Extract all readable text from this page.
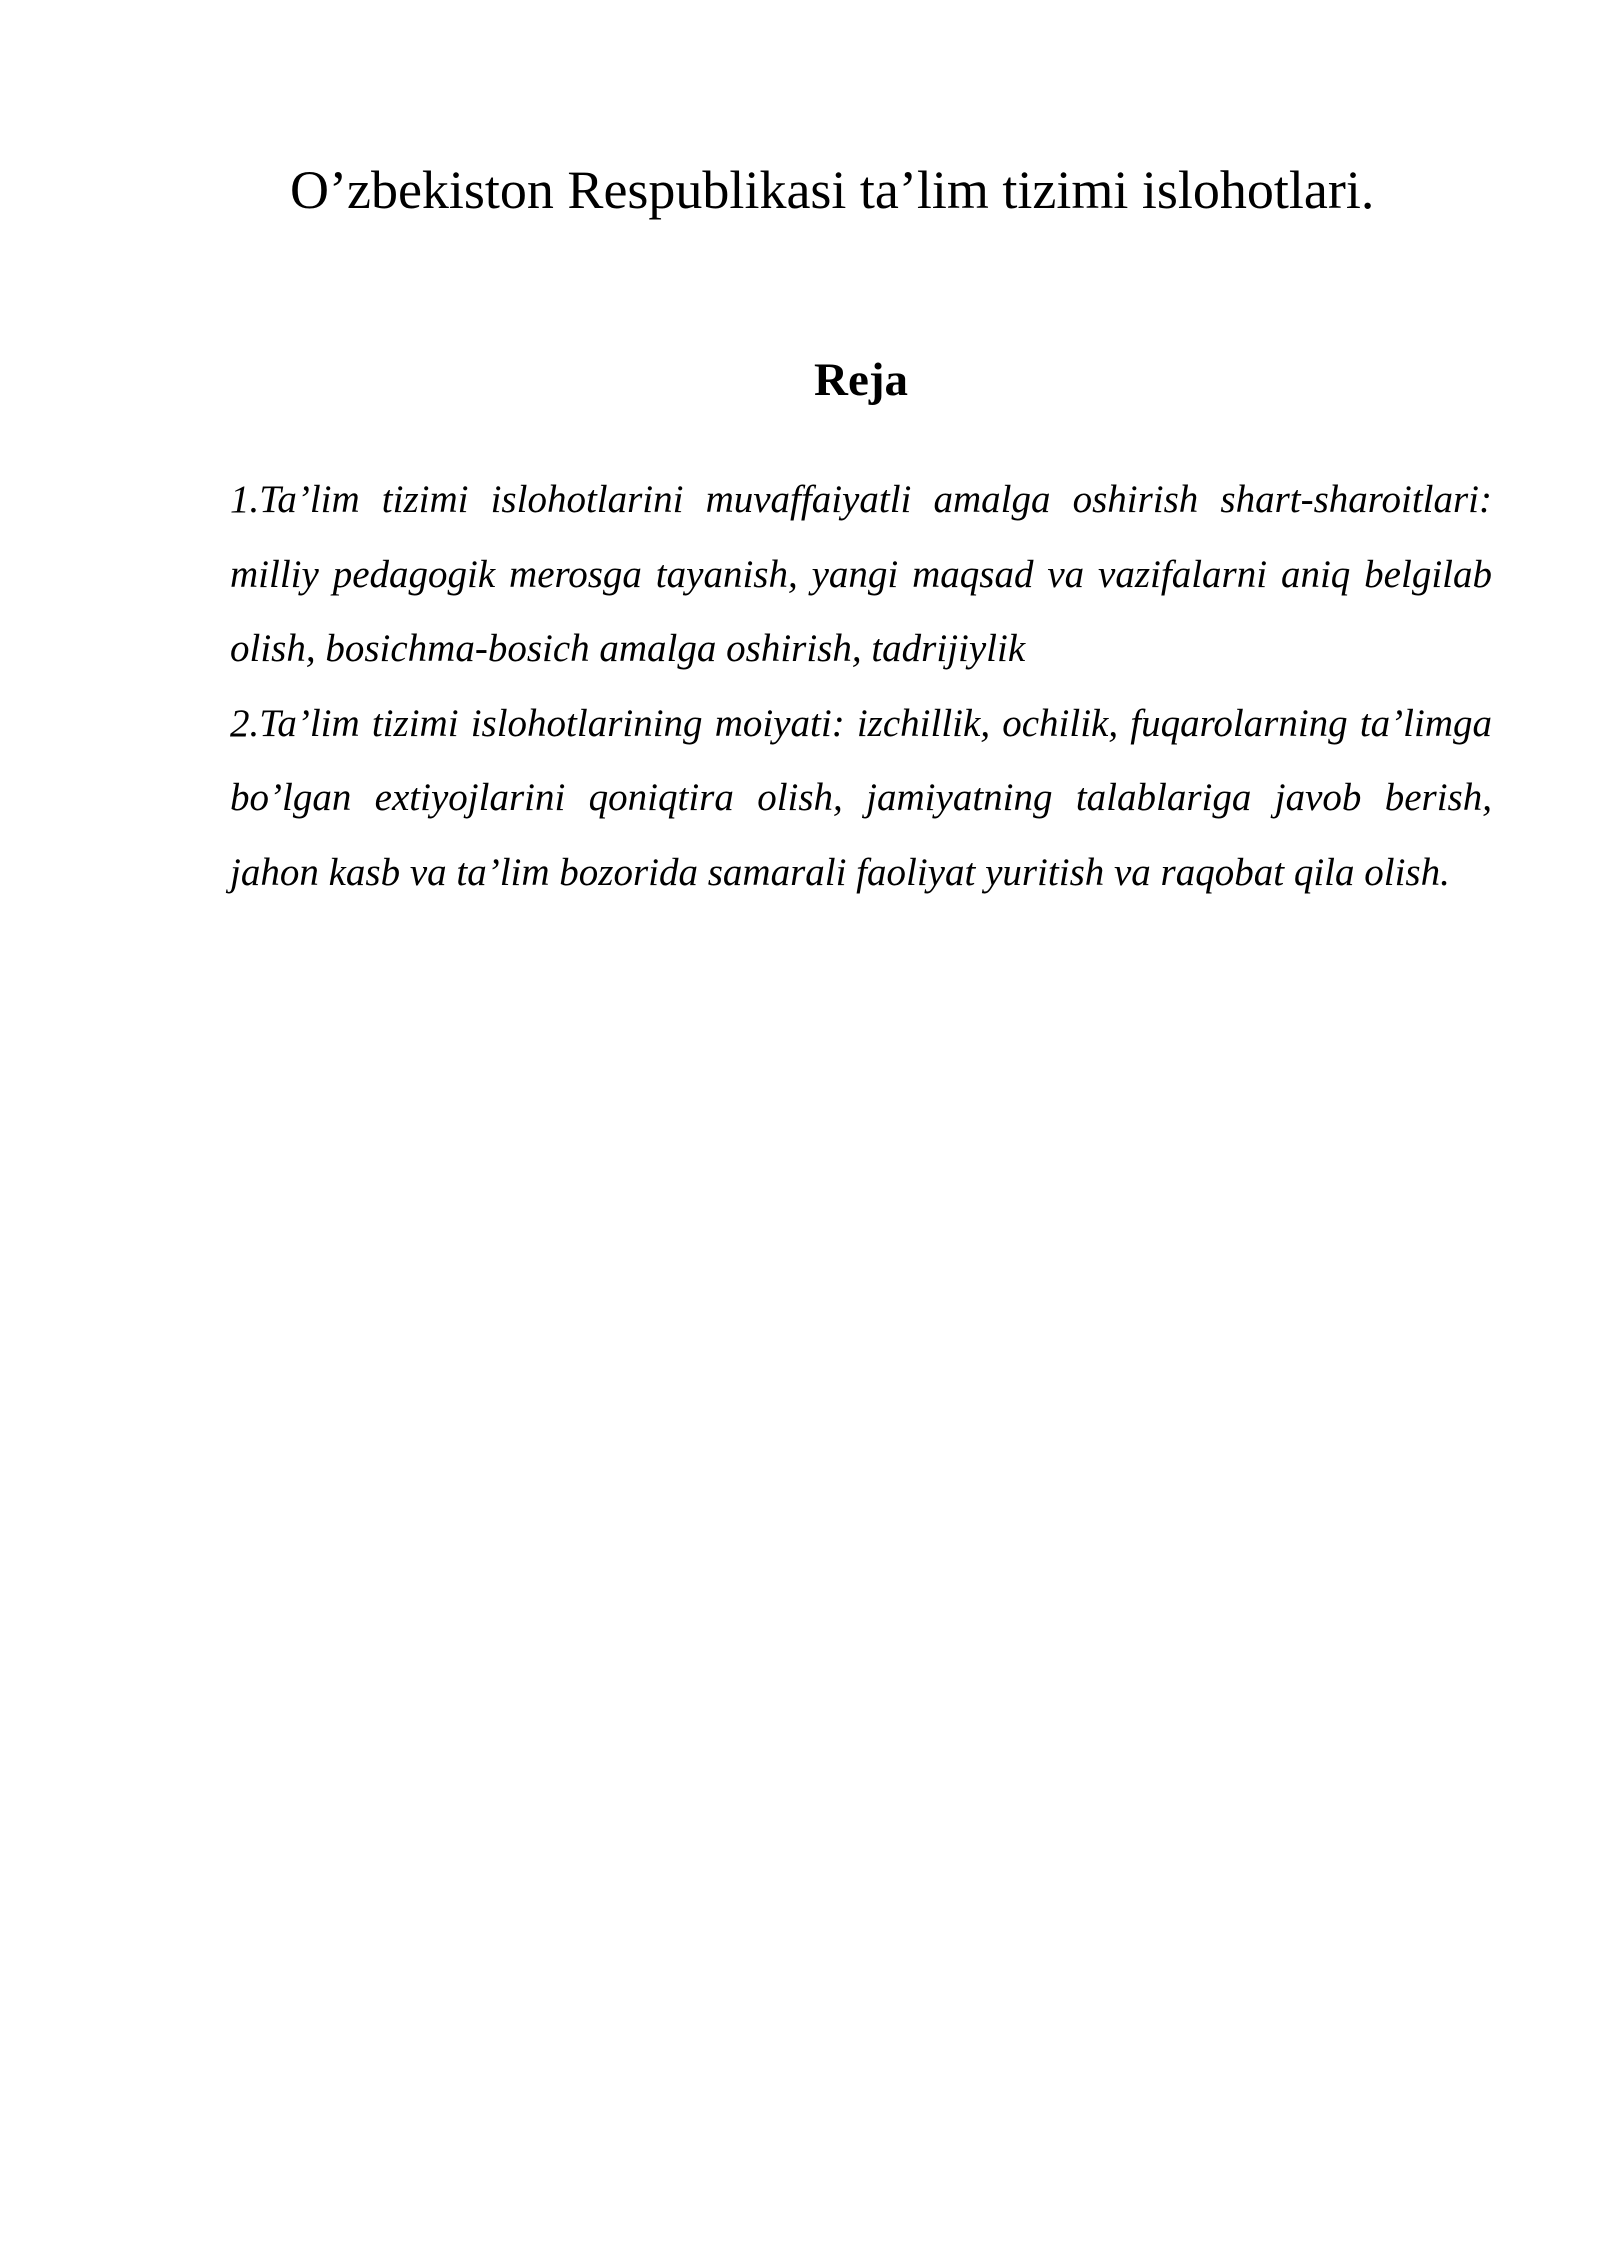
O’zbekiston Respublikasi ta’lim tizimi islohotlari.
Reja
1.Ta’lim tizimi islohotlarini muvaffaiyatli amalga oshirish shart-sharoitlari: milliy pedagogik merosga tayanish, yangi maqsad va vazifalarni aniq belgilab olish, bosichma-bosich amalga oshirish, tadrijiylik
2.Ta’lim tizimi islohotlarining moiyati: izchillik, ochilik, fuqarolarning ta’limga bo’lgan extiyojlarini qoniqtira olish, jamiyatning talablariga javob berish, jahon kasb va ta’lim bozorida samarali faoliyat yuritish va raqobat qila olish.
